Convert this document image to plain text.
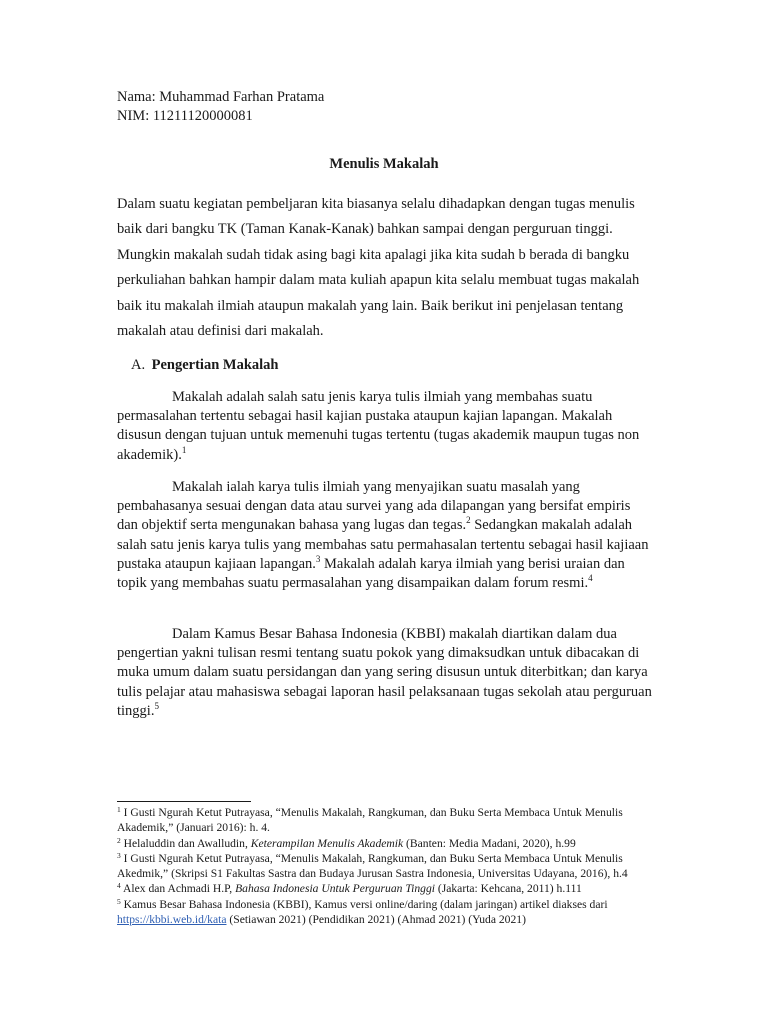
Nama: Muhammad Farhan Pratama
NIM: 11211120000081
Menulis Makalah
Dalam suatu kegiatan pembeljaran kita biasanya selalu dihadapkan dengan tugas menulis baik dari bangku TK (Taman Kanak-Kanak) bahkan sampai dengan perguruan tinggi. Mungkin makalah sudah tidak asing bagi kita apalagi jika kita sudah b berada di bangku perkuliahan bahkan hampir dalam mata kuliah apapun kita selalu membuat tugas makalah baik itu makalah ilmiah ataupun makalah yang lain. Baik berikut ini penjelasan tentang makalah atau definisi dari makalah.
A. Pengertian Makalah

Makalah adalah salah satu jenis karya tulis ilmiah yang membahas suatu permasalahan tertentu sebagai hasil kajian pustaka ataupun kajian lapangan. Makalah disusun dengan tujuan untuk memenuhi tugas tertentu (tugas akademik maupun tugas non akademik).$^1$

Makalah ialah karya tulis ilmiah yang menyajikan suatu masalah yang pembahasanya sesuai dengan data atau survei yang ada dilapangan yang bersifat empiris dan objektif serta mengunakan bahasa yang lugas dan tegas.$^2$ Sedangkan makalah adalah salah satu jenis karya tulis yang membahas satu permahasalan tertentu sebagai hasil kajiaan pustaka ataupun kajiaan lapangan.$^3$ Makalah adalah karya ilmiah yang berisi uraian dan topik yang membahas suatu permasalahan yang disampaikan dalam forum resmi.$^4$

Dalam Kamus Besar Bahasa Indonesia (KBBI) makalah diartikan dalam dua pengertian yakni tulisan resmi tentang suatu pokok yang dimaksudkan untuk dibacakan di muka umum dalam suatu persidangan dan yang sering disusun untuk diterbitkan; dan karya tulis pelajar atau mahasiswa sebagai laporan hasil pelaksanaan tugas sekolah atau perguruan tinggi.$^5$

$^1$ I Gusti Ngurah Ketut Putrayasa, “Menulis Makalah, Rangkuman, dan Buku Serta Membaca Untuk Menulis Akademik,” (Januari 2016): h. 4.

$^2$ Helaluddin dan Awalludin, Keterampilan Menulis Akademik (Banten: Media Madani, 2020), h.99

$^3$ I Gusti Ngurah Ketut Putrayasa, “Menulis Makalah, Rangkuman, dan Buku Serta Membaca Untuk Menulis Akedmik,” (Skripsi S1 Fakultas Sastra dan Budaya Jurusan Sastra Indonesia, Universitas Udayana, 2016), h.4

$^4$ Alex dan Achmadi H.P, Bahasa Indonesia Untuk Perguruan Tinggi (Jakarta: Kehcana, 2011) h.111

$^5$ Kamus Besar Bahasa Indonesia (KBBI), Kamus versi online/daring (dalam jaringan) artikel diakses dari https://kbbi.web.id/kata (Setiawan 2021) (Pendidikan 2021) (Ahmad 2021) (Yuda 2021)
